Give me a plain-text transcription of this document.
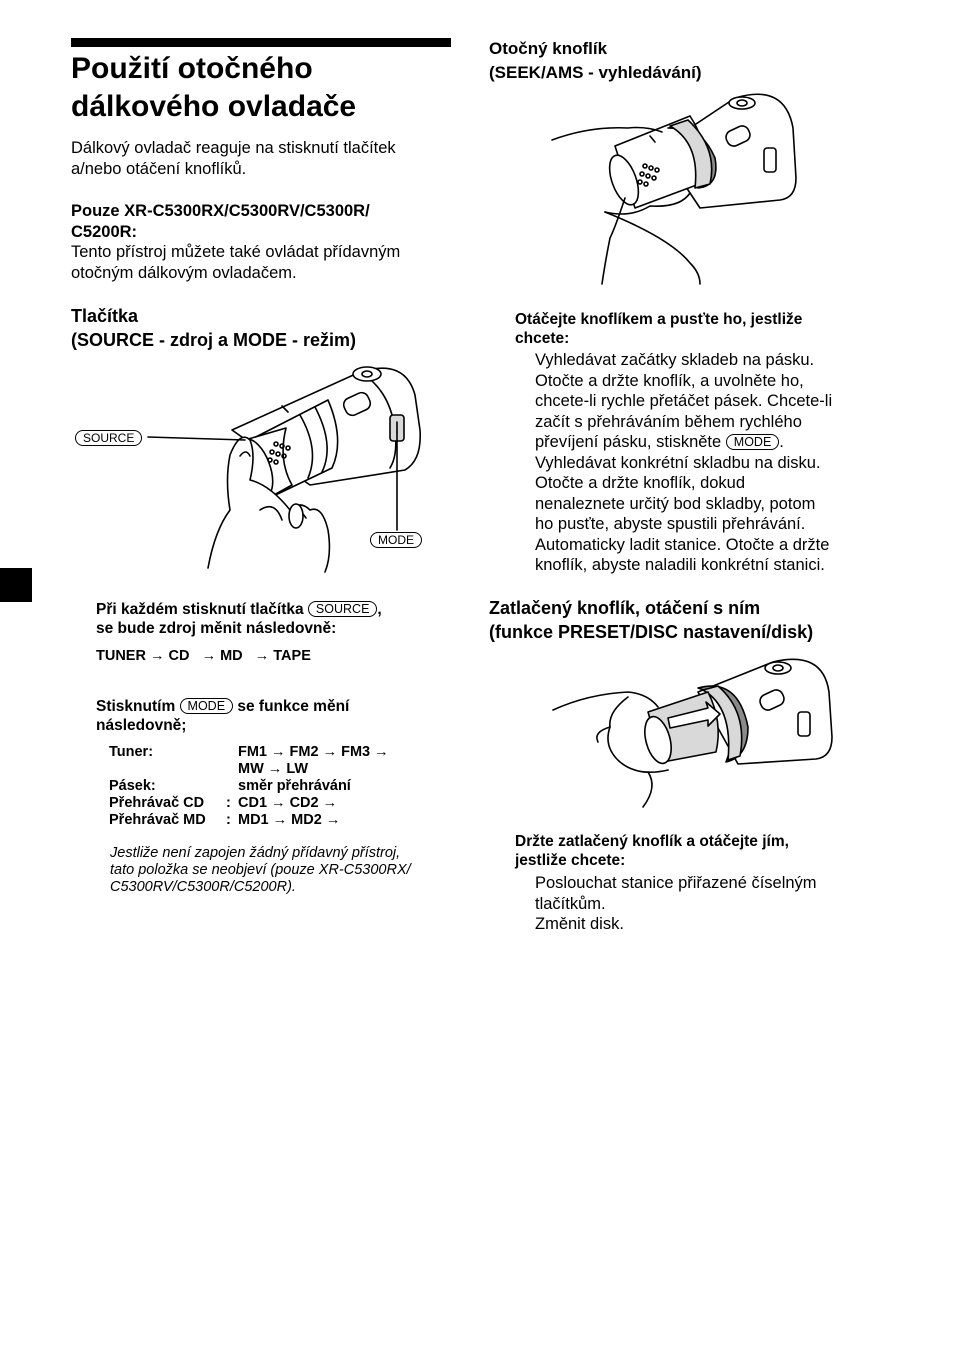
Použití otočného
dálkového ovladače
Dálkový ovladač reaguje na stisknutí tlačítek
a/nebo otáčení knoflíků.
Pouze XR-C5300RX/C5300RV/C5300R/
C5200R:
Tento přístroj můžete také ovládat přídavným
otočným dálkovým ovladačem.
Tlačítka
(SOURCE - zdroj a MODE - režim)
SOURCE
MODE
Při každém stisknutí tlačítka SOURCE ,
se bude zdroj měnit následovně:
TUNER → CD → MD → TAPE
Stisknutím MODE se funkce mění
následovně;
Tuner:		FM1 → FM2 → FM3 →
		MW → LW
Pásek:		směr přehrávání
Přehrávač CD	:	CD1 → CD2 →
Přehrávač MD	:	MD1 → MD2 →
Jestliže není zapojen žádný přídavný přístroj,
tato položka se neobjeví (pouze XR-C5300RX/
C5300RV/C5300R/C5200R).
Otočný knoflík
(SEEK/AMS - vyhledávání)
Otáčejte knoflíkem a pusťte ho, jestliže
chcete:
Vyhledávat začátky skladeb na pásku.
Otočte a držte knoflík, a uvolněte ho,
chcete-li rychle přetáčet pásek. Chcete-li
začít s přehráváním během rychlého
převíjení pásku, stiskněte MODE .
Vyhledávat konkrétní skladbu na disku.
Otočte a držte knoflík, dokud
nenaleznete určitý bod skladby, potom
ho pusťte, abyste spustili přehrávání.
Automaticky ladit stanice. Otočte a držte
knoflík, abyste naladili konkrétní stanici.
Zatlačený knoflík, otáčení s ním
(funkce PRESET/DISC nastavení/disk)
Držte zatlačený knoflík a otáčejte jím,
jestliže chcete:
Poslouchat stanice přiřazené číselným
tlačítkům.
Změnit disk.
